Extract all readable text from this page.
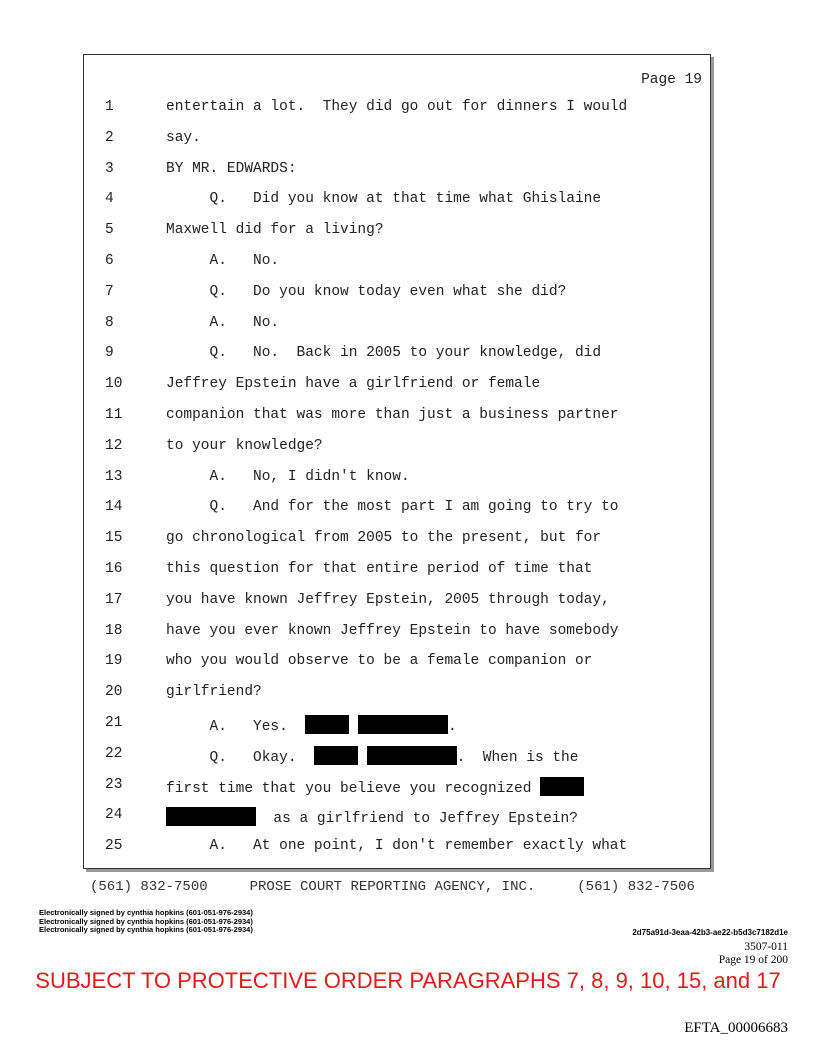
Page 19
1	entertain a lot.  They did go out for dinners I would
2	say.
3	BY MR. EDWARDS:
4	Q.   Did you know at that time what Ghislaine
5	Maxwell did for a living?
6	A.   No.
7	Q.   Do you know today even what she did?
8	A.   No.
9	Q.   No.  Back in 2005 to your knowledge, did
10	Jeffrey Epstein have a girlfriend or female
11	companion that was more than just a business partner
12	to your knowledge?
13	A.   No, I didn't know.
14	Q.   And for the most part I am going to try to
15	go chronological from 2005 to the present, but for
16	this question for that entire period of time that
17	you have known Jeffrey Epstein, 2005 through today,
18	have you ever known Jeffrey Epstein to have somebody
19	who you would observe to be a female companion or
20	girlfriend?
21	A.   Yes.	.
22	Q.   Okay.	.  When is the
23	first time that you believe you recognized
24	as a girlfriend to Jeffrey Epstein?
25	A.   At one point, I don't remember exactly what
(561) 832-7500     PROSE COURT REPORTING AGENCY, INC.     (561) 832-7506
Electronically signed by cynthia hopkins (601-051-976-2934)
Electronically signed by cynthia hopkins (601-051-976-2934)
Electronically signed by cynthia hopkins (601-051-976-2934)	2d75a91d-3eaa-42b3-ae22-b5d3c7182d1e
3507-011
Page 19 of 200
SUBJECT TO PROTECTIVE ORDER PARAGRAPHS 7, 8, 9, 10, 15, and 17
EFTA_00006683
